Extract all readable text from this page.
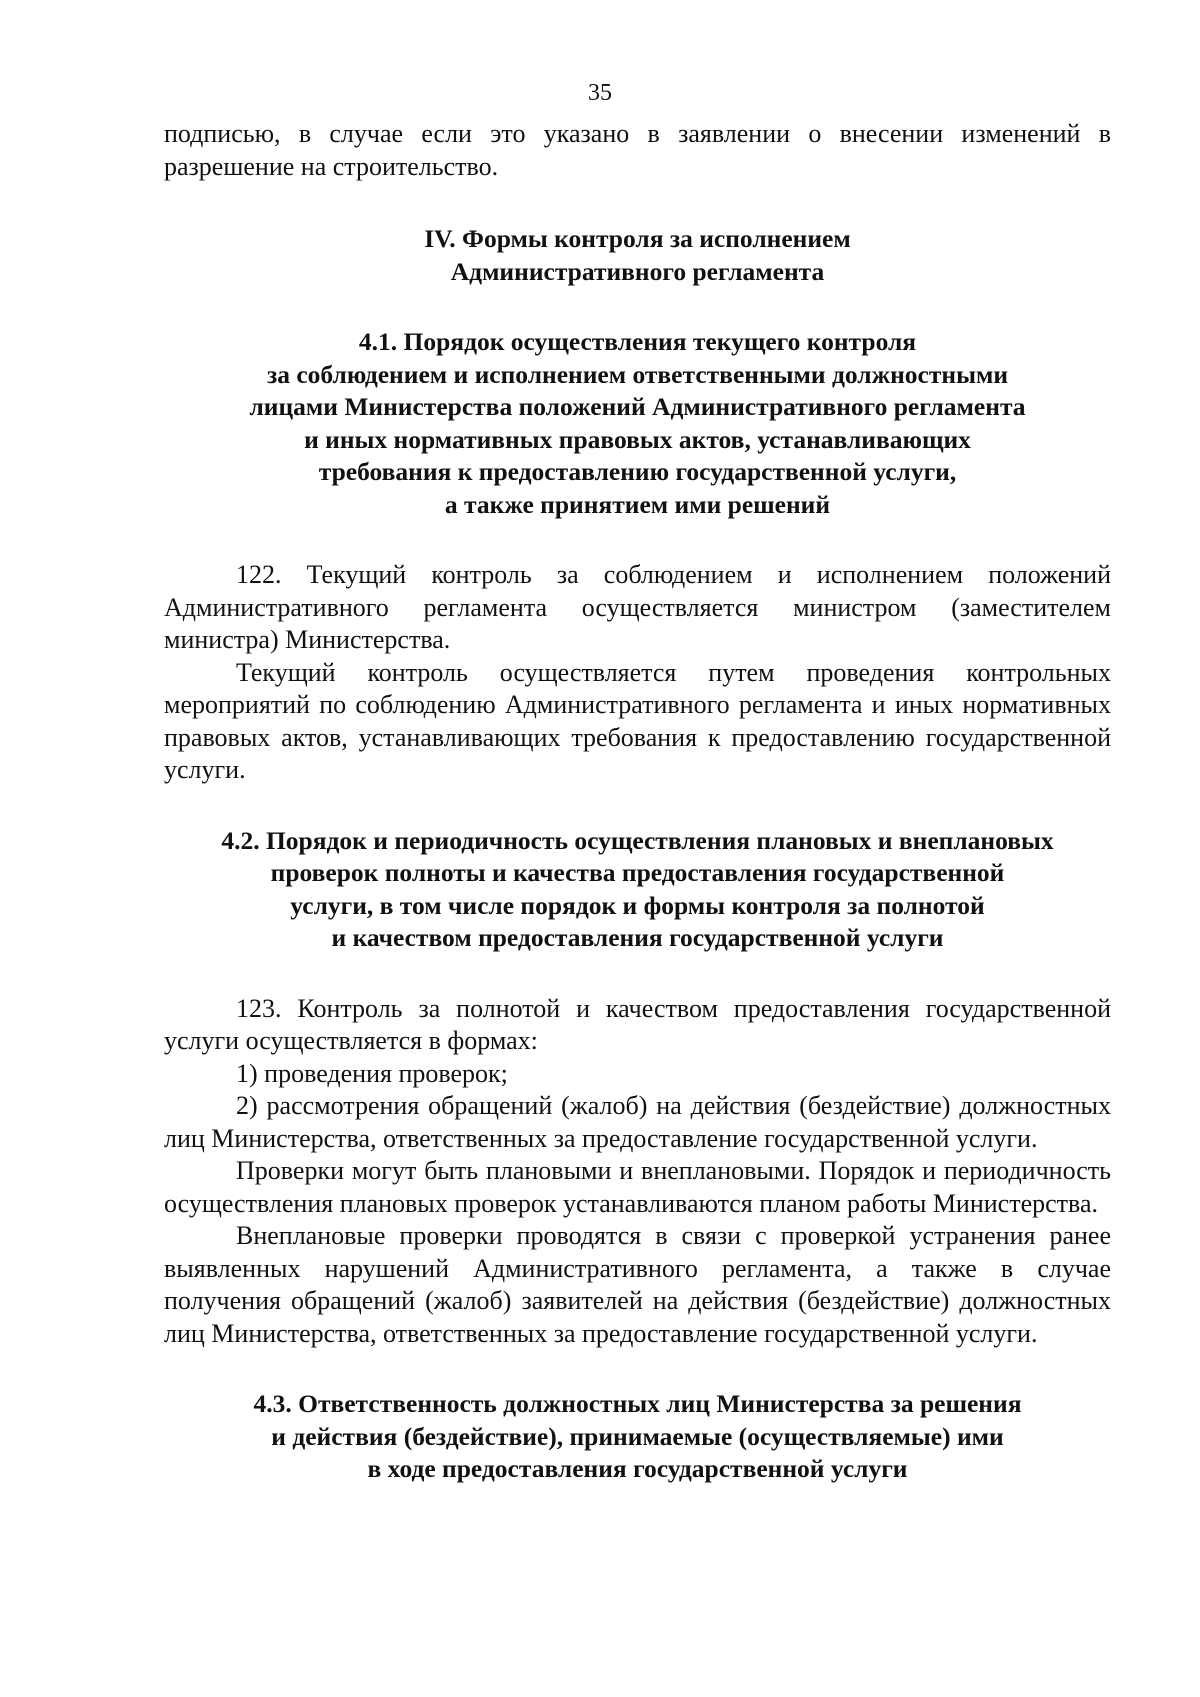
35

подписью, в случае если это указано в заявлении о внесении изменений в разрешение на строительство.

IV. Формы контроля за исполнением
Административного регламента
4.1. Порядок осуществления текущего контроля
за соблюдением и исполнением ответственными должностными
лицами Министерства положений Административного регламента
и иных нормативных правовых актов, устанавливающих
требования к предоставлению государственной услуги,
а также принятием ими решений

122. Текущий контроль за соблюдением и исполнением положений Административного регламента осуществляется министром (заместителем министра) Министерства.

Текущий контроль осуществляется путем проведения контрольных мероприятий по соблюдению Административного регламента и иных нормативных правовых актов, устанавливающих требования к предоставлению государственной услуги.

4.2. Порядок и периодичность осуществления плановых и внеплановых
проверок полноты и качества предоставления государственной
услуги, в том числе порядок и формы контроля за полнотой
и качеством предоставления государственной услуги

123. Контроль за полнотой и качеством предоставления государственной услуги осуществляется в формах:

1) проведения проверок;

2) рассмотрения обращений (жалоб) на действия (бездействие) должностных лиц Министерства, ответственных за предоставление государственной услуги.

Проверки могут быть плановыми и внеплановыми. Порядок и периодичность осуществления плановых проверок устанавливаются планом работы Министерства.

Внеплановые проверки проводятся в связи с проверкой устранения ранее выявленных нарушений Административного регламента, а также в случае получения обращений (жалоб) заявителей на действия (бездействие) должностных лиц Министерства, ответственных за предоставление государственной услуги.

4.3. Ответственность должностных лиц Министерства за решения
и действия (бездействие), принимаемые (осуществляемые) ими
в ходе предоставления государственной услуги
